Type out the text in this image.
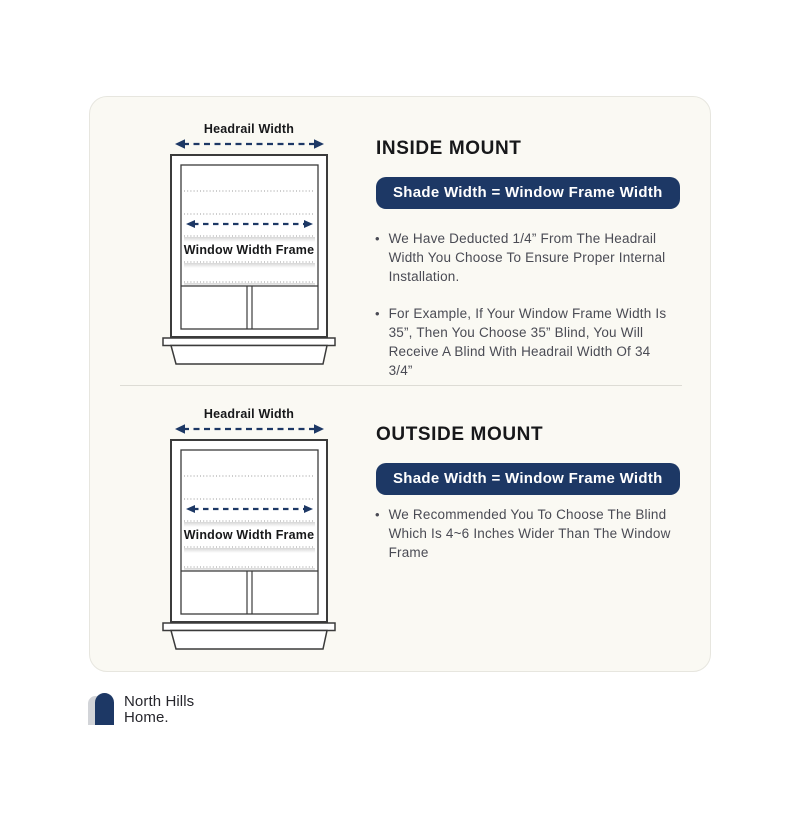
Headrail Width
Window Width Frame
INSIDE MOUNT
Shade Width = Window Frame Width
• We Have Deducted 1/4” From The Headrail Width You Choose To Ensure Proper Internal Installation.

• For Example, If Your Window Frame Width Is 35”, Then You Choose 35” Blind, You Will Receive A Blind With Headrail Width Of 34 3/4”

Headrail Width
Window Width Frame
OUTSIDE MOUNT
Shade Width = Window Frame Width
• We Recommended You To Choose The Blind Which Is 4~6 Inches Wider Than The Window Frame

North Hills
Home.
